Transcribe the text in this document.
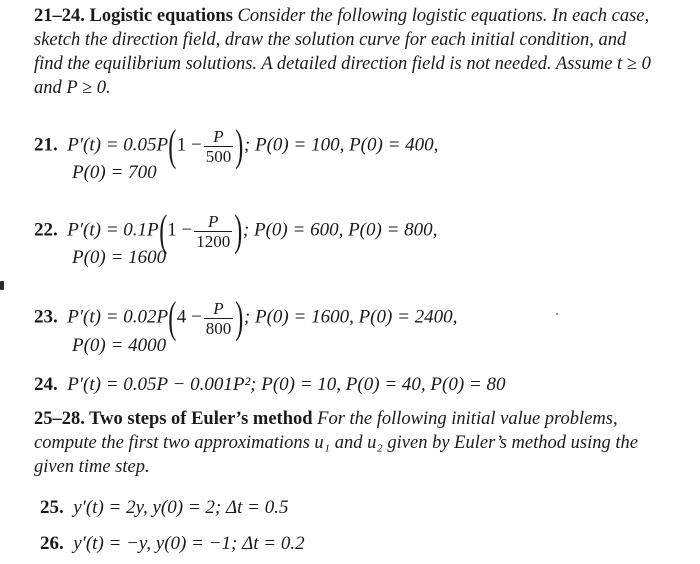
21–24. Logistic equations Consider the following logistic equations. In each case, sketch the direction field, draw the solution curve for each initial condition, and find the equilibrium solutions. A detailed direction field is not needed. Assume t ≥ 0 and P ≥ 0.
21. $P'(t) = 0.05P(1 - \frac{P}{500}$ ); P(0) = 100, P(0) = 400,
P(0) = 700
22. $P'(t) = 0.1P(1 - \frac{P}{1200}$ ); P(0) = 600, P(0) = 800,
P(0) = 1600
23. $P'(t) = 0.02P(4 - \frac{P}{800}$ ); P(0) = 1600, P(0) = 2400,
P(0) = 4000
24. P′(t) = 0.05P − 0.001P²; P(0) = 10, P(0) = 40, P(0) = 80
25–28. Two steps of Euler’s method For the following initial value problems, compute the first two approximations u₁ and u₂ given by Euler’s method using the given time step.
25. y′(t) = 2y, y(0) = 2; Δt = 0.5
26. y′(t) = −y, y(0) = −1; Δt = 0.2
